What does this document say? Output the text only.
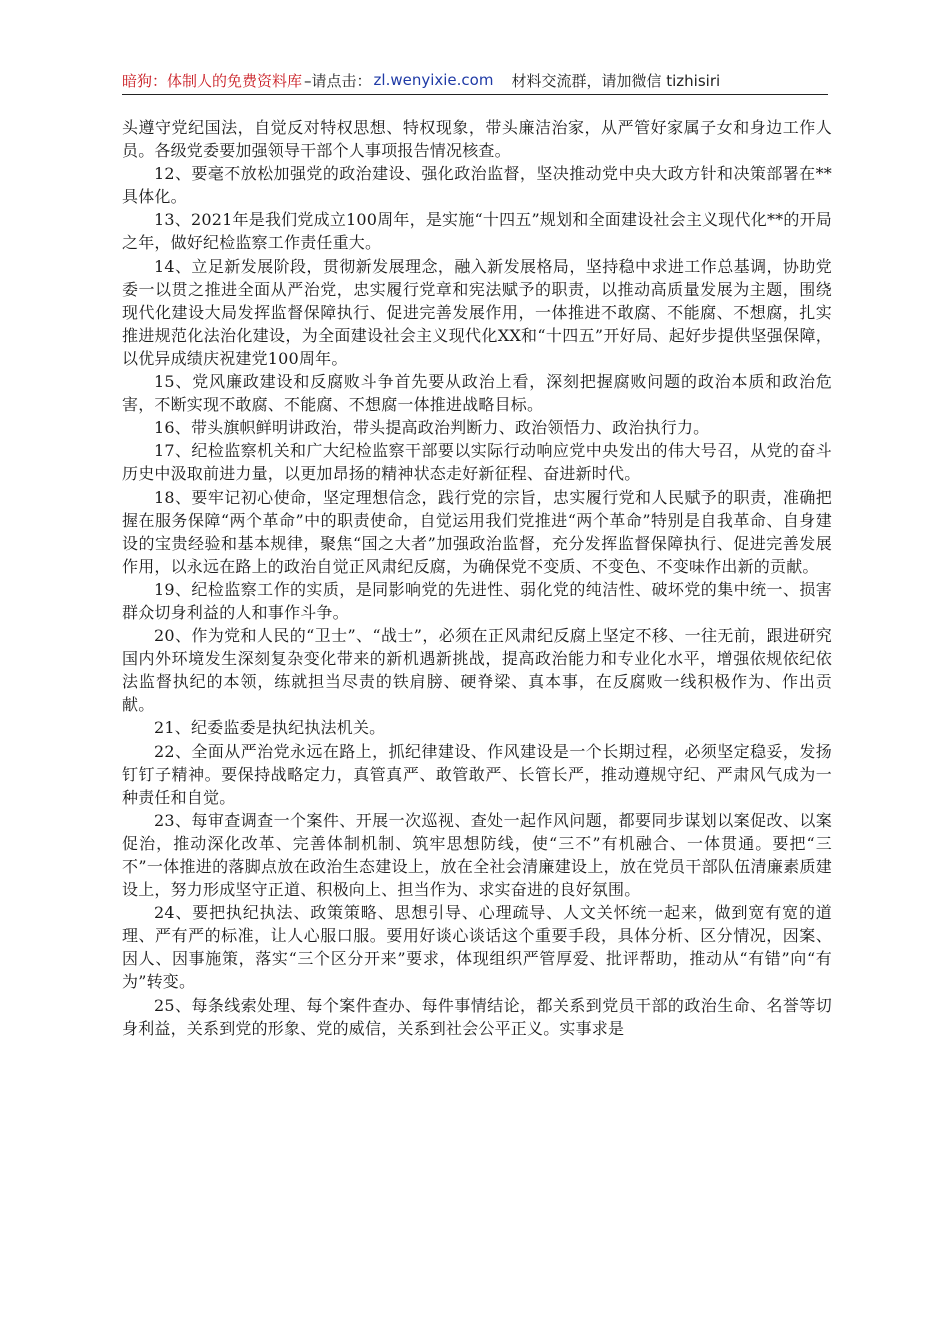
暗狗：体制人的免费资料库 –请点击： zl.wenyixie.com 材料交流群，请加微信 tizhisiri

头遵守党纪国法，自觉反对特权思想、特权现象，带头廉洁治家，从严管好家属子女和身边工作人员。各级党委要加强领导干部个人事项报告情况核查。

12、要毫不放松加强党的政治建设、强化政治监督，坚决推动党中央大政方针和决策部署在**具体化。

13、2021年是我们党成立100周年，是实施“十四五”规划和全面建设社会主义现代化**的开局之年，做好纪检监察工作责任重大。

14、立足新发展阶段，贯彻新发展理念，融入新发展格局，坚持稳中求进工作总基调，协助党委一以贯之推进全面从严治党，忠实履行党章和宪法赋予的职责，以推动高质量发展为主题，围绕现代化建设大局发挥监督保障执行、促进完善发展作用，一体推进不敢腐、不能腐、不想腐，扎实推进规范化法治化建设，为全面建设社会主义现代化XX和“十四五”开好局、起好步提供坚强保障，以优异成绩庆祝建党100周年。

15、党风廉政建设和反腐败斗争首先要从政治上看，深刻把握腐败问题的政治本质和政治危害，不断实现不敢腐、不能腐、不想腐一体推进战略目标。

16、带头旗帜鲜明讲政治，带头提高政治判断力、政治领悟力、政治执行力。

17、纪检监察机关和广大纪检监察干部要以实际行动响应党中央发出的伟大号召，从党的奋斗历史中汲取前进力量，以更加昂扬的精神状态走好新征程、奋进新时代。

18、要牢记初心使命，坚定理想信念，践行党的宗旨，忠实履行党和人民赋予的职责，准确把握在服务保障“两个革命”中的职责使命，自觉运用我们党推进“两个革命”特别是自我革命、自身建设的宝贵经验和基本规律，聚焦“国之大者”加强政治监督，充分发挥监督保障执行、促进完善发展作用，以永远在路上的政治自觉正风肃纪反腐，为确保党不变质、不变色、不变味作出新的贡献。

19、纪检监察工作的实质，是同影响党的先进性、弱化党的纯洁性、破坏党的集中统一、损害群众切身利益的人和事作斗争。

20、作为党和人民的“卫士”、“战士”，必须在正风肃纪反腐上坚定不移、一往无前，跟进研究国内外环境发生深刻复杂变化带来的新机遇新挑战，提高政治能力和专业化水平，增强依规依纪依法监督执纪的本领，练就担当尽责的铁肩膀、硬脊梁、真本事，在反腐败一线积极作为、作出贡献。

21、纪委监委是执纪执法机关。

22、全面从严治党永远在路上，抓纪律建设、作风建设是一个长期过程，必须坚定稳妥，发扬钉钉子精神。要保持战略定力，真管真严、敢管敢严、长管长严，推动遵规守纪、严肃风气成为一种责任和自觉。

23、每审查调查一个案件、开展一次巡视、查处一起作风问题，都要同步谋划以案促改、以案促治，推动深化改革、完善体制机制、筑牢思想防线，使“三不”有机融合、一体贯通。要把“三不”一体推进的落脚点放在政治生态建设上，放在全社会清廉建设上，放在党员干部队伍清廉素质建设上，努力形成坚守正道、积极向上、担当作为、求实奋进的良好氛围。

24、要把执纪执法、政策策略、思想引导、心理疏导、人文关怀统一起来，做到宽有宽的道理、严有严的标准，让人心服口服。要用好谈心谈话这个重要手段，具体分析、区分情况，因案、因人、因事施策，落实“三个区分开来”要求，体现组织严管厚爱、批评帮助，推动从“有错”向“有为”转变。

25、每条线索处理、每个案件查办、每件事情结论，都关系到党员干部的政治生命、名誉等切身利益，关系到党的形象、党的威信，关系到社会公平正义。实事求是
